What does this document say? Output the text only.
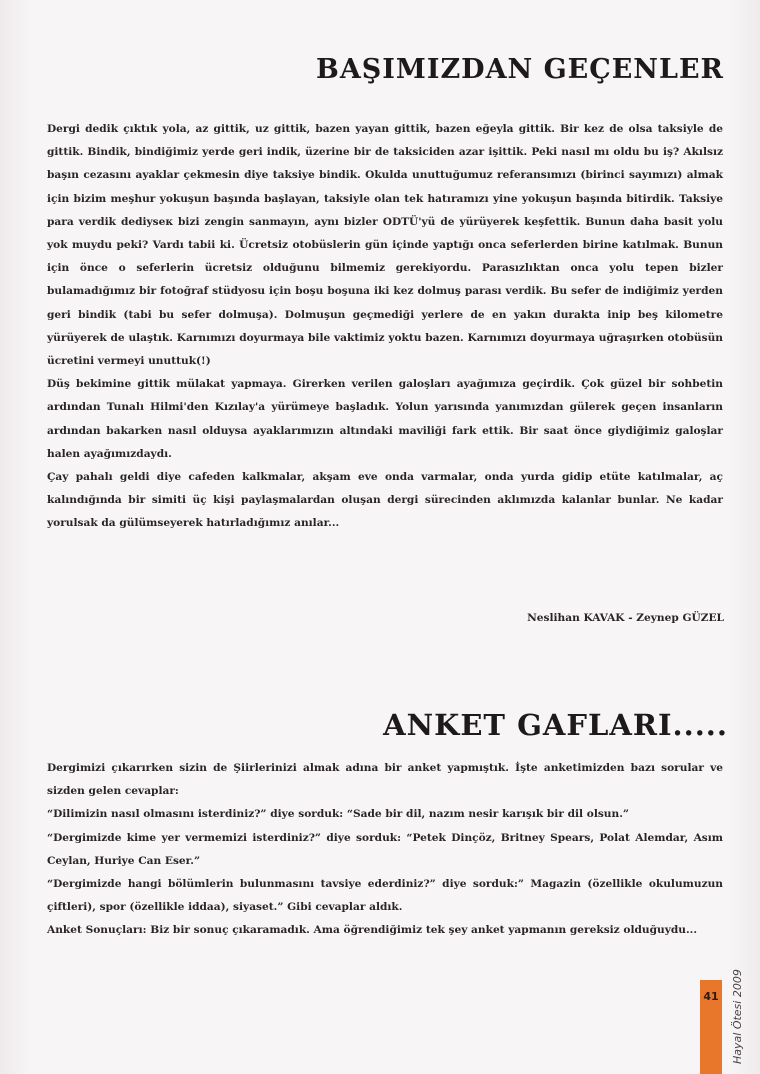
BAŞIMIZDAN GEÇENLER

Dergi dedik çıktık yola, az gittik, uz gittik, bazen yayan gittik, bazen eğeyla gittik. Bir kez de olsa taksiyle de gittik. Bindik, bindiğimiz yerde geri indik, üzerine bir de taksiciden azar işittik. Peki nasıl mı oldu bu iş? Akılsız başın cezasını ayaklar çekmesin diye taksiye bindik. Okulda unuttuğumuz referansımızı (birinci sayımızı) almak için bizim meşhur yokuşun başında başlayan, taksiyle olan tek hatıramızı yine yokuşun başında bitirdik. Taksiye para verdik dediyseк bizi zengin sanmayın, aynı bizler ODTÜ'yü de yürüyerek keşfettik. Bunun daha basit yolu yok muydu peki? Vardı tabii ki. Ücretsiz otobüslerin gün içinde yaptığı onca seferlerden birine katılmak. Bunun için önce o seferlerin ücretsiz olduğunu bilmemiz gerekiyordu. Parasızlıktan onca yolu tepen bizler bulamadığımız bir fotoğraf stüdyosu için boşu boşuna iki kez dolmuş parası verdik. Bu sefer de indiğimiz yerden geri bindik (tabi bu sefer dolmuşa). Dolmuşun geçmediği yerlere de en yakın durakta inip beş kilometre yürüyerek de ulaştık. Karnımızı doyurmaya bile vaktimiz yoktu bazen. Karnımızı doyurmaya uğraşırken otobüsün ücretini vermeyi unuttuk(!)

Düş bekimine gittik mülakat yapmaya. Girerken verilen galoşları ayağımıza geçirdik. Çok güzel bir sohbetin ardından Tunalı Hilmi'den Kızılay'a yürümeye başladık. Yolun yarısında yanımızdan gülerek geçen insanların ardından bakarken nasıl olduysa ayaklarımızın altındaki maviliği fark ettik. Bir saat önce giydiğimiz galoşlar halen ayağımızdaydı.

Çay pahalı geldi diye cafeden kalkmalar, akşam eve onda varmalar, onda yurda gidip etüte katılmalar, aç kalındığında bir simiti üç kişi paylaşmalardan oluşan dergi sürecinden aklımızda kalanlar bunlar. Ne kadar yorulsak da gülümseyerek hatırladığımız anılar...

Neslihan KAVAK - Zeynep GÜZEL
ANKET GAFLARI.....

Dergimizi çıkarırken sizin de Şiirlerinizi almak adına bir anket yapmıştık. İşte anketimizden bazı sorular ve sizden gelen cevaplar:

“Dilimizin nasıl olmasını isterdiniz?” diye sorduk: “Sade bir dil, nazım nesir karışık bir dil olsun.”

“Dergimizde kime yer vermemizi isterdiniz?” diye sorduk: “Petek Dinçöz, Britney Spears, Polat Alemdar, Asım Ceylan, Huriye Can Eser.”

“Dergimizde hangi bölümlerin bulunmasını tavsiye ederdiniz?” diye sorduk:” Magazin (özellikle okulumuzun çiftleri), spor (özellikle iddaa), siyaset.” Gibi cevaplar aldık.

Anket Sonuçları: Biz bir sonuç çıkaramadık. Ama öğrendiğimiz tek şey anket yapmanın gereksiz olduğuydu...

41	Hayal Ötesi 2009
